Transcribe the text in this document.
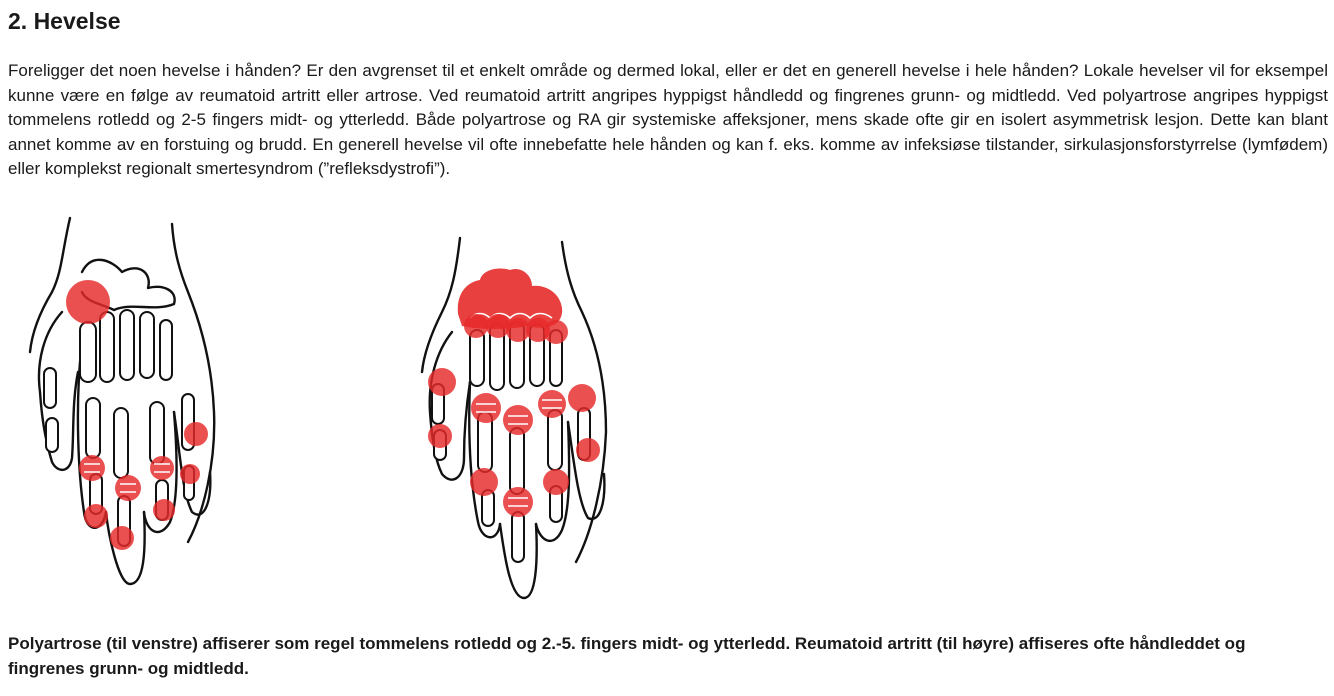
2. Hevelse

Foreligger det noen hevelse i hånden? Er den avgrenset til et enkelt område og dermed lokal, eller er det en generell hevelse i hele hånden? Lokale hevelser vil for eksempel kunne være en følge av reumatoid artritt eller artrose. Ved reumatoid artritt angripes hyppigst håndledd og fingrenes grunn- og midtledd. Ved polyartrose angripes hyppigst tommelens rotledd og 2-5 fingers midt- og ytterledd. Både polyartrose og RA gir systemiske affeksjoner, mens skade ofte gir en isolert asymmetrisk lesjon. Dette kan blant annet komme av en forstuing og brudd. En generell hevelse vil ofte innebefatte hele hånden og kan f. eks. komme av infeksiøse tilstander, sirkulasjonsforstyrrelse (lymfødem) eller komplekst regionalt smertesyndrom (”refleksdystrofi”).

Polyartrose (til venstre) affiserer som regel tommelens rotledd og 2.-5. fingers midt- og ytterledd. Reumatoid artritt (til høyre) affiseres ofte håndleddet og fingrenes grunn- og midtledd.
